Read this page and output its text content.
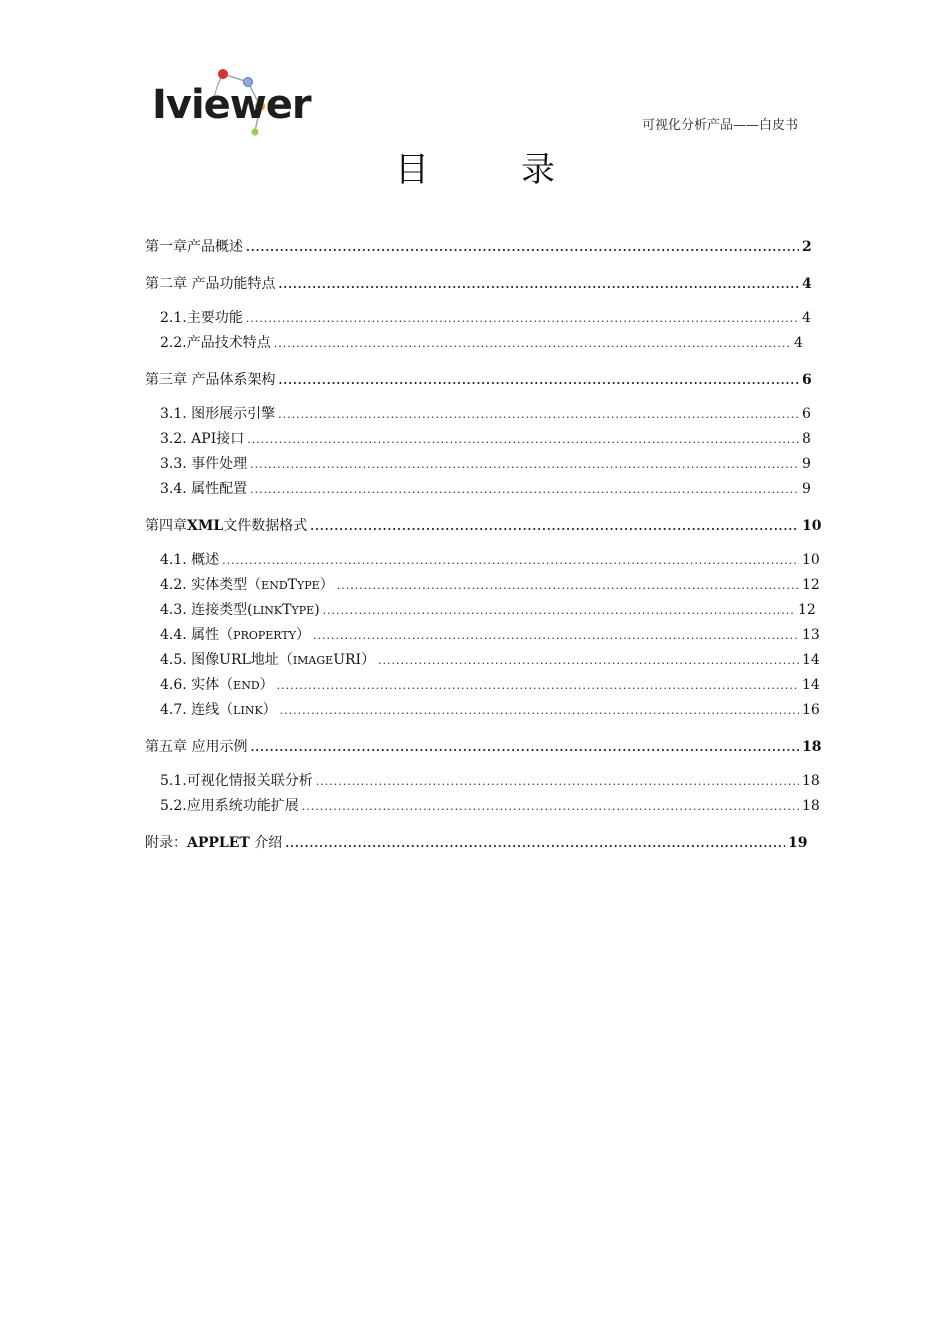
Iviewer	可视化分析产品——白皮书
目录
第一章 产品概述 .....	2
第二章 产品功能特点 .....	4
2.1. 主要功能 .....	4
2.2. 产品技术特点 .....	4
第三章 产品体系架构 .....	6
3.1. 图形展示引擎 .....	6
3.2. API接口 .....	8
3.3. 事件处理 .....	9
3.4. 属性配置 .....	9
第四章 XML 文件数据格式 .....	10
4.1. 概述 .....	10
4.2. 实体类型（ END T YPE ） .....	12
4.3. 连接类型( LINK T YPE ) .....	12
4.4. 属性（ PROPERTY ） .....	13
4.5. 图像URL地址（ IMAGE URI ） .....	14
4.6. 实体（ END ） .....	14
4.7. 连线（ LINK ） .....	16
第五章 应用示例 .....	18
5.1. 可视化情报关联分析 .....	18
5.2. 应用系统功能扩展 .....	18
附录： APPLET 介绍 .....	19
